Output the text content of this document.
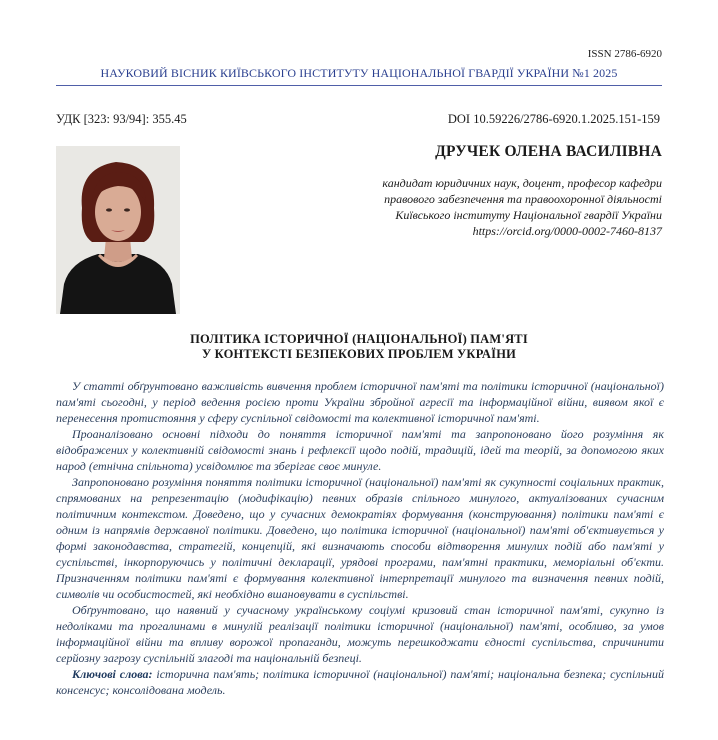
ISSN 2786-6920
НАУКОВИЙ ВІСНИК КИЇВСЬКОГО ІНСТИТУТУ НАЦІОНАЛЬНОЇ ГВАРДІЇ УКРАЇНИ №1 2025
УДК [323: 93/94]: 355.45	DOI 10.59226/2786-6920.1.2025.151-159
ДРУЧЕК ОЛЕНА ВАСИЛІВНА
кандидат юридичних наук, доцент, професор кафедри
правового забезпечення та правоохоронної діяльності
Київського інституту Національної гвардії України
https://orcid.org/0000-0002-7460-8137
ПОЛІТИКА ІСТОРИЧНОЇ (НАЦІОНАЛЬНОЇ) ПАМ'ЯТІ
У КОНТЕКСТІ БЕЗПЕКОВИХ ПРОБЛЕМ УКРАЇНИ

У статті обґрунтовано важливість вивчення проблем історичної пам'яті та політики історичної (національної) пам'яті сьогодні, у період ведення росією проти України збройної агресії та інформаційної війни, виявом якої є перенесення протистояння у сферу суспільної свідомості та колективної історичної пам'яті.

Проаналізовано основні підходи до поняття історичної пам'яті та запропоновано його розуміння як відображених у колективній свідомості знань і рефлексії щодо подій, традицій, ідей та теорій, за допомогою яких народ (етнічна спільнота) усвідомлює та зберігає своє минуле.

Запропоновано розуміння поняття політики історичної (національної) пам'яті як сукупності соціальних практик, спрямованих на репрезентацію (модифікацію) певних образів спільного минулого, актуалізованих сучасним політичним контекстом. Доведено, що у сучасних демократіях формування (конструювання) політики пам'яті є одним із напрямів державної політики. Доведено, що політика історичної (національної) пам'яті об'єктивується у формі законодавства, стратегій, концепцій, які визначають способи відтворення минулих подій або пам'яті у суспільстві, інкорпоруючись у політичні декларації, урядові програми, пам'ятні практики, меморіальні об'єкти. Призначенням політики пам'яті є формування колективної інтерпретації минулого та визначення певних подій, символів чи особистостей, які необхідно вшановувати в суспільстві.

Обґрунтовано, що наявний у сучасному українському соціумі кризовий стан історичної пам'яті, сукупно із недоліками та прогалинами в минулій реалізації політики історичної (національної) пам'яті, особливо, за умов інформаційної війни та впливу ворожої пропаганди, можуть перешкоджати єдності суспільства, спричинити серйозну загрозу суспільній злагоді та національній безпеці.

Ключові слова: історична пам'ять; політика історичної (національної) пам'яті; національна безпека; суспільний консенсус; консолідована модель.
